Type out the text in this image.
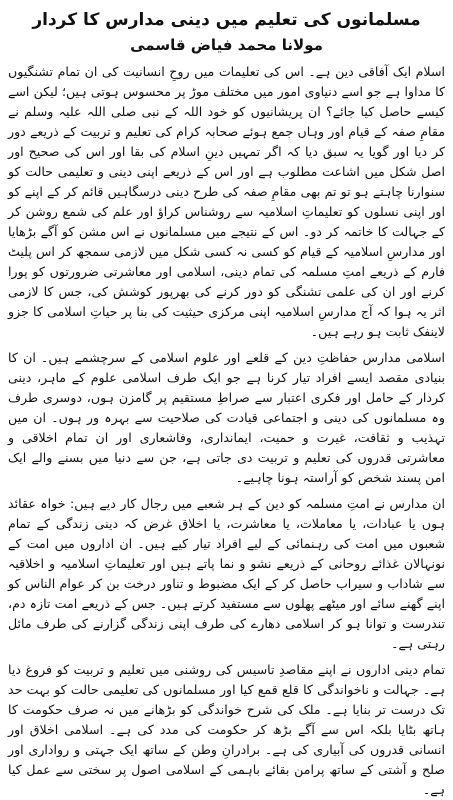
مسلمانوں کی تعلیم میں دینی مدارس کا کردار
مولانا محمد فیاض قاسمی

اسلام ایک آفاقی دین ہے۔ اس کی تعلیمات میں روحِ انسانیت کی ان تمام تشنگیوں کا مداوا ہے جو اسے دنیاوی امور میں مختلف موڑ پر محسوس ہوتی ہیں؛ لیکن اسے کیسے حاصل کیا جائے؟ ان پریشانیوں کو خود اللہ کے نبی صلی اللہ علیہ وسلم نے مقامِ صفہ کے قیام اور وہاں جمع ہوئے صحابہ کرام کی تعلیم و تربیت کے ذریعے دور کر دیا اور گویا یہ سبق دیا کہ اگر تمہیں دینِ اسلام کی بقا اور اس کی صحیح اور اصل شکل میں اشاعت مطلوب ہے اور اس کے ذریعے اپنی دینی و تعلیمی حالت کو سنوارنا چاہتے ہو تو تم بھی مقامِ صفہ کی طرح دینی درسگاہیں قائم کر کے اپنے کو اور اپنی نسلوں کو تعلیماتِ اسلامیہ سے روشناس کراؤ اور علم کی شمع روشن کر کے جہالت کا خاتمہ کر دو۔ اس کے نتیجے میں مسلمانوں نے اس مشن کو آگے بڑھایا اور مدارسِ اسلامیہ کے قیام کو کسی نہ کسی شکل میں لازمی سمجھ کر اس پلیٹ فارم کے ذریعے امتِ مسلمہ کی تمام دینی، اسلامی اور معاشرتی ضرورتوں کو پورا کرنے اور ان کی علمی تشنگی کو دور کرنے کی بھرپور کوشش کی، جس کا لازمی اثر یہ ہوا کہ آج مدارسِ اسلامیہ اپنی مرکزی حیثیت کی بنا پر حیاتِ اسلامی کا جزو لاینفک ثابت ہو رہے ہیں۔

اسلامی مدارس حفاظتِ دین کے قلعے اور علوم اسلامی کے سرچشمے ہیں۔ ان کا بنیادی مقصد ایسے افراد تیار کرنا ہے جو ایک طرف اسلامی علوم کے ماہر، دینی کردار کے حامل اور فکری اعتبار سے صراطِ مستقیم پر گامزن ہوں، دوسری طرف وہ مسلمانوں کی دینی و اجتماعی قیادت کی صلاحیت سے بہرہ ور ہوں۔ ان میں تہذیب و ثقافت، غیرت و حمیت، ایمانداری، وفاشعاری اور ان تمام اخلاقی و معاشرتی قدروں کی تعلیم و تربیت دی جاتی ہے، جن سے دنیا میں بسنے والے ایک امن پسند شخص کو آراستہ ہونا چاہیے۔

ان مدارس نے امتِ مسلمہ کو دین کے ہر شعبے میں رجال کار دیے ہیں: خواہ عقائد ہوں یا عبادات، یا معاملات، یا معاشرت، یا اخلاق غرض کہ دینی زندگی کے تمام شعبوں میں امت کی رہنمائی کے لیے افراد تیار کیے ہیں۔ ان اداروں میں امت کے نونہالان غذائے روحانی کے ذریعے نشو و نما پاتے ہیں اور تعلیماتِ اسلامیہ و اخلاقیہ سے شاداب و سیراب حاصل کر کے ایک مضبوط و تناور درخت بن کر عوام الناس کو اپنے گھنے سائے اور میٹھے پھلوں سے مستفید کرتے ہیں۔ جس کے ذریعے امت تازہ دم، تندرست و توانا ہو کر اسلامی دھارے کی طرف اپنی زندگی گزارنے کی طرف مائل رہتی ہے۔

تمام دینی اداروں نے اپنے مقاصدِ تاسیس کی روشنی میں تعلیم و تربیت کو فروغ دیا ہے۔ جہالت و ناخواندگی کا قلع قمع کیا اور مسلمانوں کی تعلیمی حالت کو بہت حد تک درست تر بنایا ہے۔ ملک کی شرح خواندگی کو بڑھانے میں نہ صرف حکومت کا ہاتھ بٹایا بلکہ اس سے آگے بڑھ کر حکومت کی مدد کی ہے۔ اسلامی اخلاق اور انسانی قدروں کی آبیاری کی ہے۔ برادرانِ وطن کے ساتھ ایک جہتی و رواداری اور صلح و آشتی کے ساتھ پرامن بقائے باہمی کے اسلامی اصول پر سختی سے عمل کیا ہے۔
